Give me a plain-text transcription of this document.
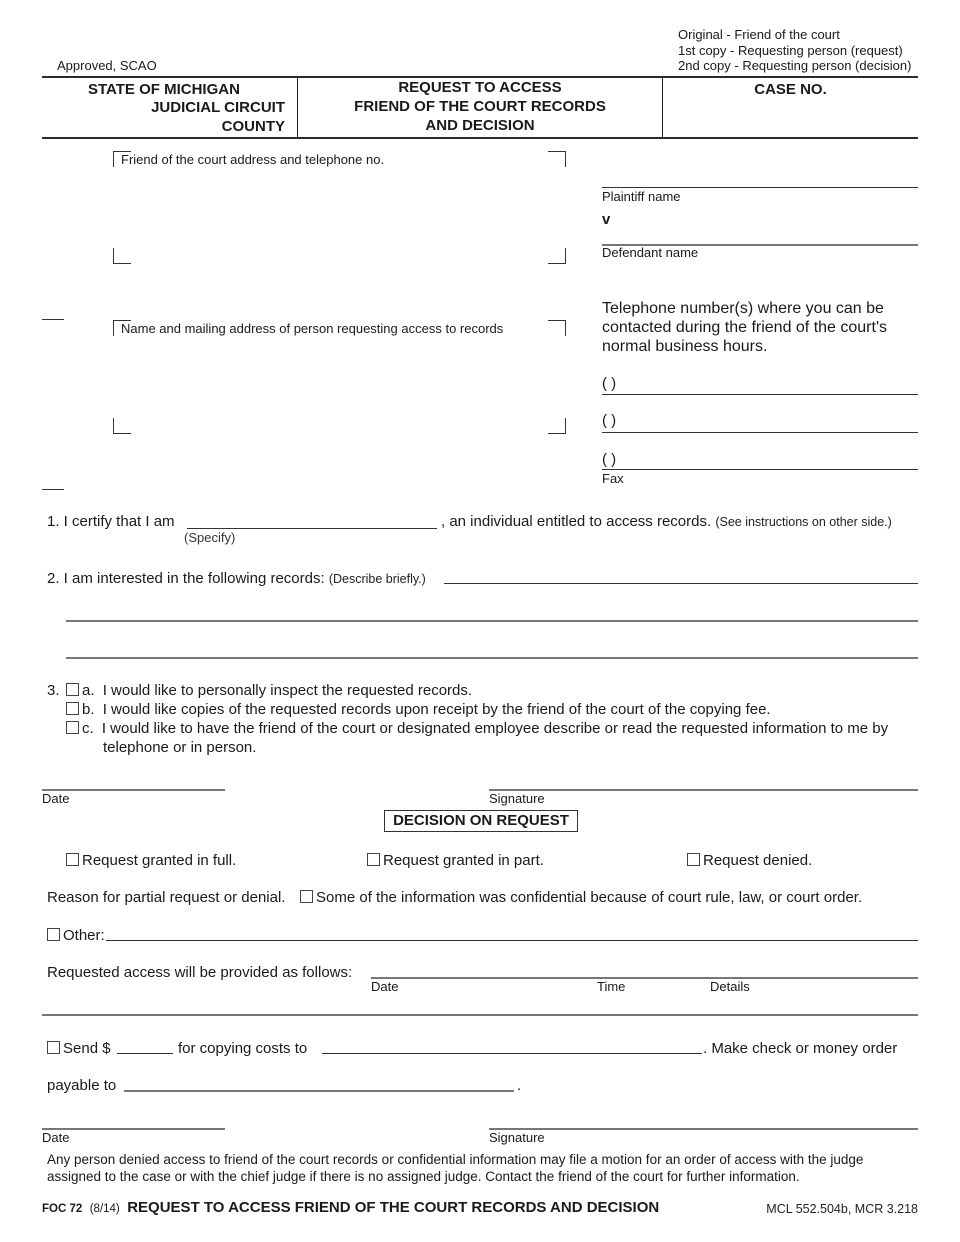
Approved, SCAO
Original - Friend of the court
1st copy - Requesting person (request)
2nd copy - Requesting person (decision)
STATE OF MICHIGAN
JUDICIAL CIRCUIT
COUNTY
REQUEST TO ACCESS
FRIEND OF THE COURT RECORDS
AND DECISION
CASE NO.
Friend of the court address and telephone no.
Plaintiff name
v
Defendant name
Name and mailing address of person requesting access to records
Telephone number(s) where you can be
contacted during the friend of the court's
normal business hours.
( )
( )
( )
Fax
1. I certify that I am
(Specify)
, an individual entitled to access records. (See instructions on other side.)
2. I am interested in the following records: (Describe briefly.)
3.	a. I would like to personally inspect the requested records.
b. I would like copies of the requested records upon receipt by the friend of the court of the copying fee.
c. I would like to have the friend of the court or designated employee describe or read the requested information to me by
telephone or in person.
Date	Signature
DECISION ON REQUEST
Request granted in full.	Request granted in part.	Request denied.
Reason for partial request or denial.	Some of the information was confidential because of court rule, law, or court order.
Other:
Requested access will be provided as follows:
Date	Time	Details
Send $	for copying costs to	. Make check or money order
payable to	.
Date	Signature
Any person denied access to friend of the court records or confidential information may file a motion for an order of access with the judge
assigned to the case or with the chief judge if there is no assigned judge. Contact the friend of the court for further information.
FOC 72 (8/14) REQUEST TO ACCESS FRIEND OF THE COURT RECORDS AND DECISION	MCL 552.504b, MCR 3.218
